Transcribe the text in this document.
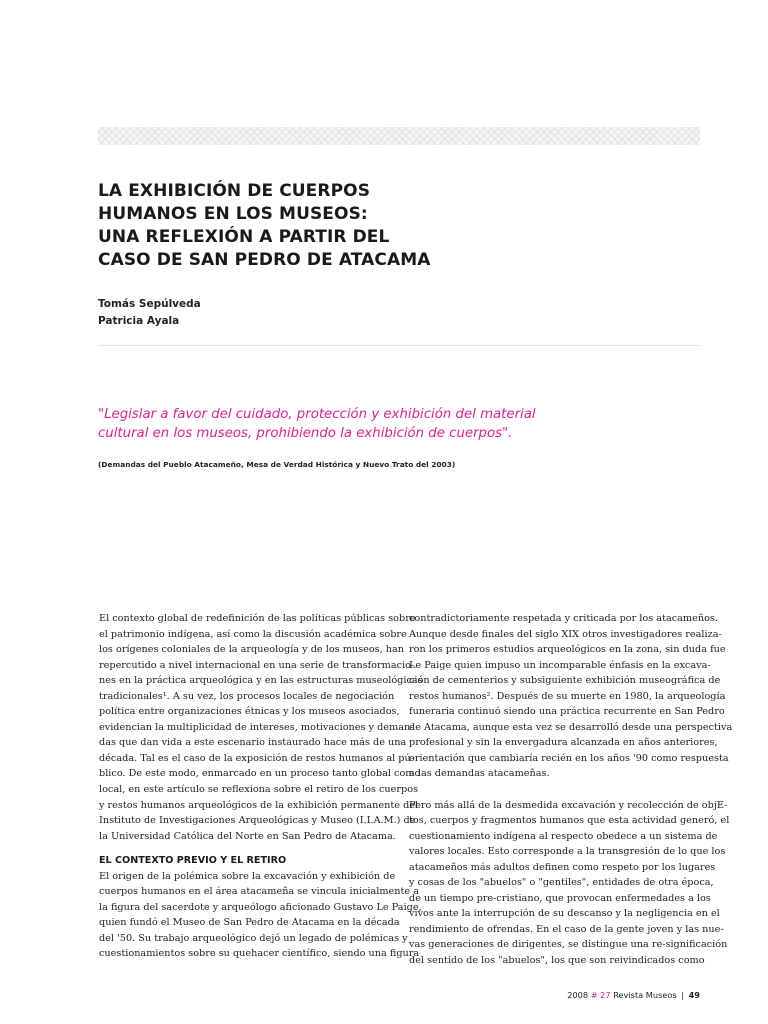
LA EXHIBICIÓN DE CUERPOS
HUMANOS EN LOS MUSEOS:
UNA REFLEXIÓN A PARTIR DEL
CASO DE SAN PEDRO DE ATACAMA
Tomás Sepúlveda
Patricia Ayala
"Legislar a favor del cuidado, protección y exhibición del material
cultural en los museos, prohibiendo la exhibición de cuerpos".
(Demandas del Pueblo Atacameño, Mesa de Verdad Histórica y Nuevo Trato del 2003)
El contexto global de redefinición de las políticas públicas sobre
el patrimonio indígena, así como la discusión académica sobre
los orígenes coloniales de la arqueología y de los museos, han
repercutido a nivel internacional en una serie de transformacio-
nes en la práctica arqueológica y en las estructuras museológicas
tradicionales¹. A su vez, los procesos locales de negociación
política entre organizaciones étnicas y los museos asociados,
evidencian la multiplicidad de intereses, motivaciones y deman-
das que dan vida a este escenario instaurado hace más de una
década. Tal es el caso de la exposición de restos humanos al pú-
blico. De este modo, enmarcado en un proceso tanto global como
local, en este artículo se reflexiona sobre el retiro de los cuerpos
y restos humanos arqueológicos de la exhibición permanente del
Instituto de Investigaciones Arqueológicas y Museo (I.I.A.M.) de
la Universidad Católica del Norte en San Pedro de Atacama.
EL CONTEXTO PREVIO Y EL RETIRO
El origen de la polémica sobre la excavación y exhibición de
cuerpos humanos en el área atacameña se vincula inicialmente a
la figura del sacerdote y arqueólogo aficionado Gustavo Le Paige,
quien fundó el Museo de San Pedro de Atacama en la década
del '50. Su trabajo arqueológico dejó un legado de polémicas y
cuestionamientos sobre su quehacer científico, siendo una figura
contradictoriamente respetada y criticada por los atacameños.
Aunque desde finales del siglo XIX otros investigadores realiza-
ron los primeros estudios arqueológicos en la zona, sin duda fue
Le Paige quien impuso un incomparable énfasis en la excava-
ción de cementerios y subsiguiente exhibición museográfica de
restos humanos². Después de su muerte en 1980, la arqueología
funeraria continuó siendo una práctica recurrente en San Pedro
de Atacama, aunque esta vez se desarrolló desde una perspectiva
profesional y sin la envergadura alcanzada en años anteriores,
orientación que cambiaría recién en los años '90 como respuesta
a las demandas atacameñas.
Pero más allá de la desmedida excavación y recolección de objE-
tos, cuerpos y fragmentos humanos que esta actividad generó, el
cuestionamiento indígena al respecto obedece a un sistema de
valores locales. Esto corresponde a la transgresión de lo que los
atacameños más adultos definen como respeto por los lugares
y cosas de los "abuelos" o "gentiles", entidades de otra época,
de un tiempo pre-cristiano, que provocan enfermedades a los
vivos ante la interrupción de su descanso y la negligencia en el
rendimiento de ofrendas. En el caso de la gente joven y las nue-
vas generaciones de dirigentes, se distingue una re-significación
del sentido de los "abuelos", los que son reivindicados como
2008 # 27 Revista Museos | 49
